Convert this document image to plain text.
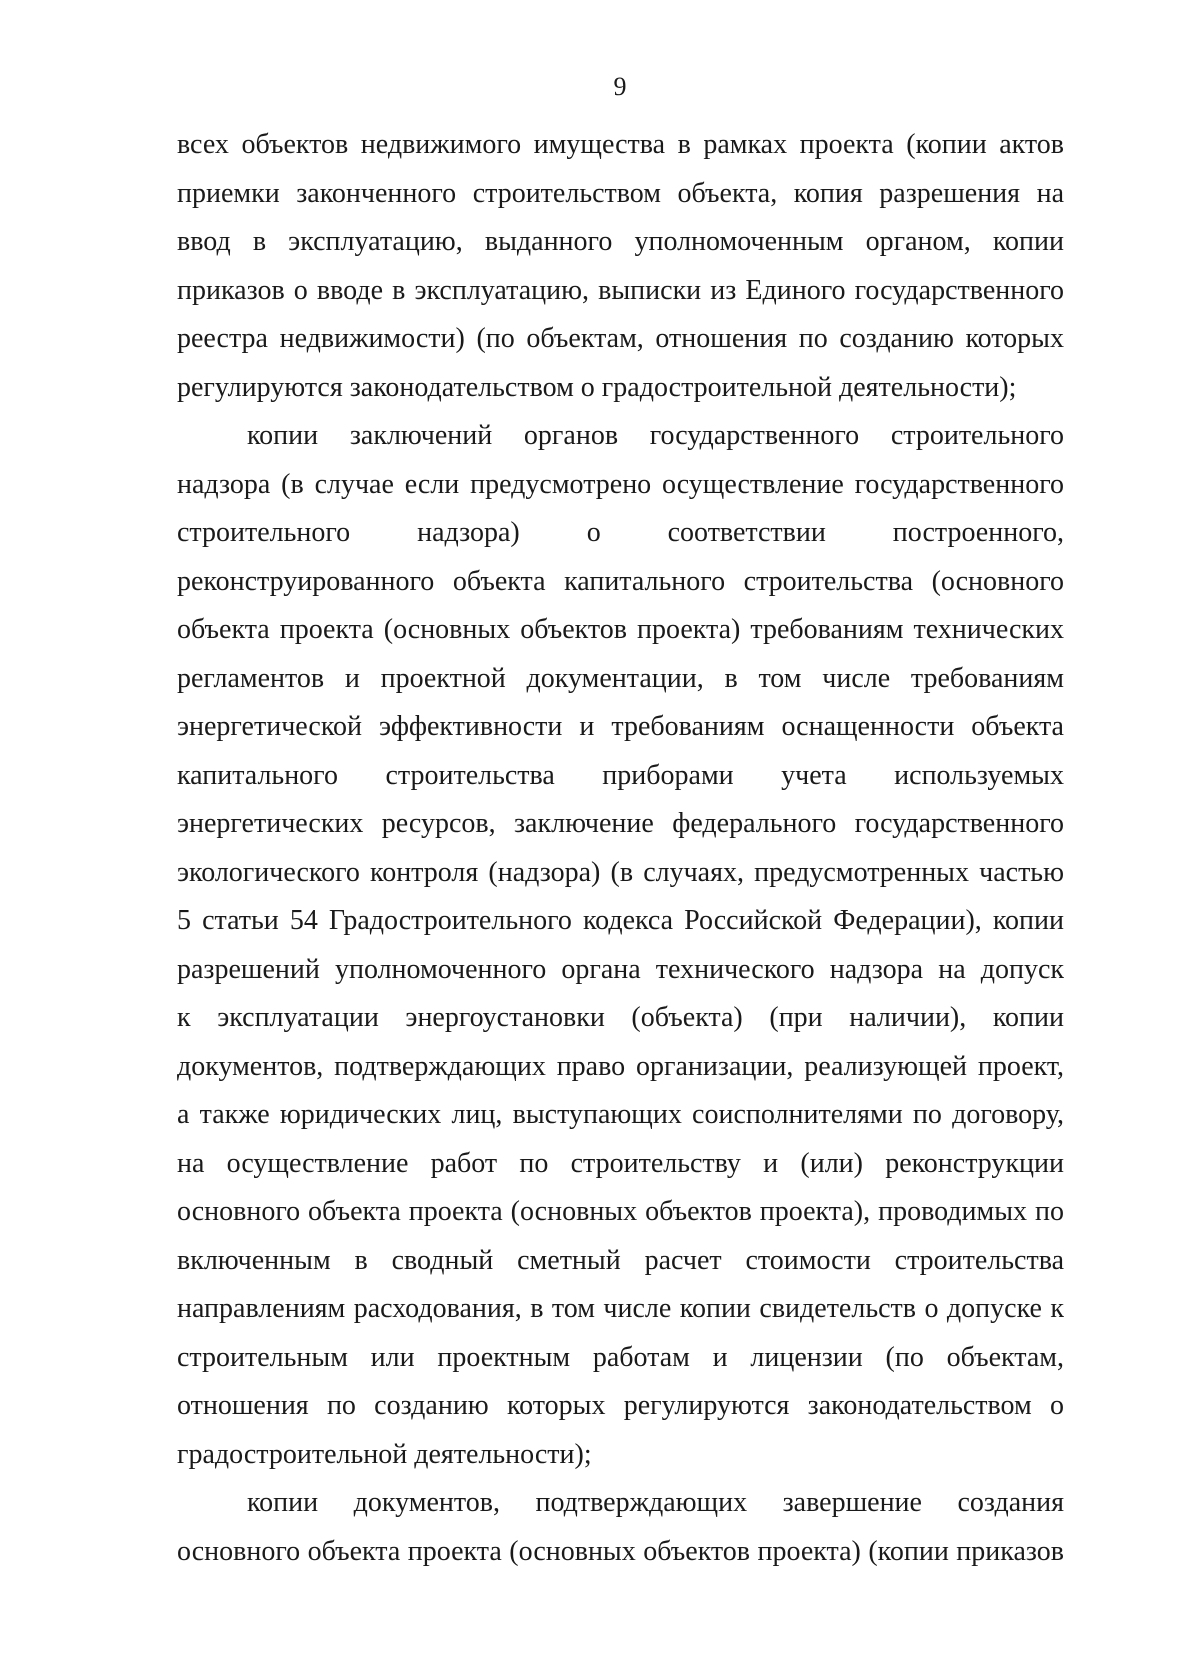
9
всех объектов недвижимого имущества в рамках проекта (копии актов
приемки законченного строительством объекта, копия разрешения на
ввод в эксплуатацию, выданного уполномоченным органом, копии
приказов о вводе в эксплуатацию, выписки из Единого государственного
реестра недвижимости) (по объектам, отношения по созданию которых
регулируются законодательством о градостроительной деятельности);
копии заключений органов государственного строительного
надзора (в случае если предусмотрено осуществление государственного
строительного надзора) о соответствии построенного,
реконструированного объекта капитального строительства (основного
объекта проекта (основных объектов проекта) требованиям технических
регламентов и проектной документации, в том числе требованиям
энергетической эффективности и требованиям оснащенности объекта
капитального строительства приборами учета используемых
энергетических ресурсов, заключение федерального государственного
экологического контроля (надзора) (в случаях, предусмотренных частью
5 статьи 54 Градостроительного кодекса Российской Федерации), копии
разрешений уполномоченного органа технического надзора на допуск
к эксплуатации энергоустановки (объекта) (при наличии), копии
документов, подтверждающих право организации, реализующей проект,
а также юридических лиц, выступающих соисполнителями по договору,
на осуществление работ по строительству и (или) реконструкции
основного объекта проекта (основных объектов проекта), проводимых по
включенным в сводный сметный расчет стоимости строительства
направлениям расходования, в том числе копии свидетельств о допуске к
строительным или проектным работам и лицензии (по объектам,
отношения по созданию которых регулируются законодательством о
градостроительной деятельности);
копии документов, подтверждающих завершение создания
основного объекта проекта (основных объектов проекта) (копии приказов
